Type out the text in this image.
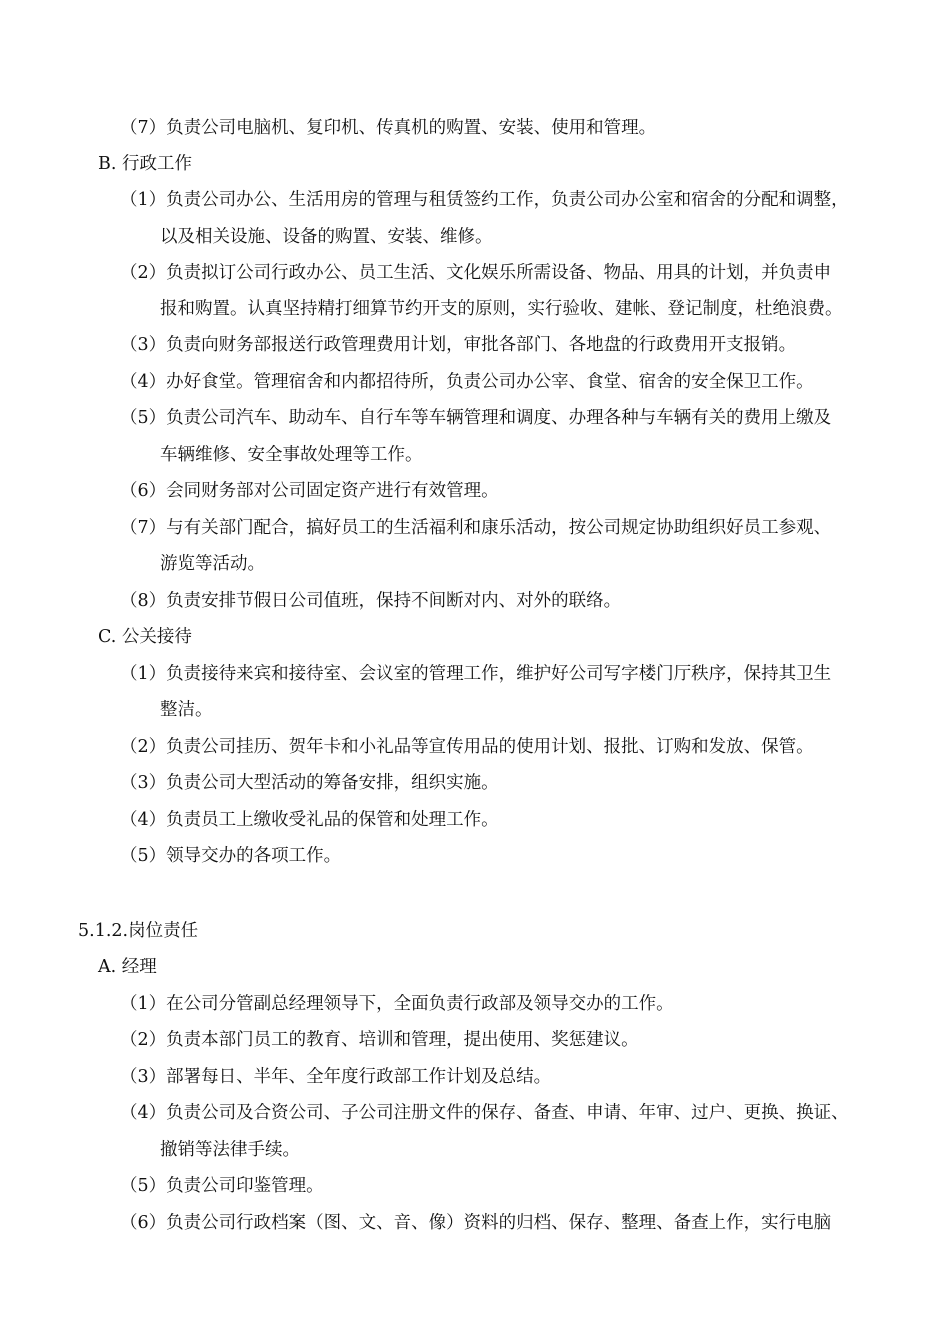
（7）负责公司电脑机、复印机、传真机的购置、安装、使用和管理。
B. 行政工作
（1）负责公司办公、生活用房的管理与租赁签约工作，负责公司办公室和宿舍的分配和调整，
以及相关设施、设备的购置、安装、维修。
（2）负责拟订公司行政办公、员工生活、文化娱乐所需设备、物品、用具的计划，并负责申
报和购置。认真坚持精打细算节约开支的原则，实行验收、建帐、登记制度，杜绝浪费。
（3）负责向财务部报送行政管理费用计划，审批各部门、各地盘的行政费用开支报销。
（4）办好食堂。管理宿舍和内都招待所，负责公司办公宰、食堂、宿舍的安全保卫工作。
（5）负责公司汽车、助动车、自行车等车辆管理和调度、办理各种与车辆有关的费用上缴及
车辆维修、安全事故处理等工作。
（6）会同财务部对公司固定资产进行有效管理。
（7）与有关部门配合，搞好员工的生活福利和康乐活动，按公司规定协助组织好员工参观、
游览等活动。
（8）负责安排节假日公司值班，保持不间断对内、对外的联络。
C. 公关接待
（1）负责接待来宾和接待室、会议室的管理工作，维护好公司写字楼门厅秩序，保持其卫生
整洁。
（2）负责公司挂历、贺年卡和小礼品等宣传用品的使用计划、报批、订购和发放、保管。
（3）负责公司大型活动的筹备安排，组织实施。
（4）负责员工上缴收受礼品的保管和处理工作。
（5）领导交办的各项工作。
5.1.2.岗位责任
A. 经理
（1）在公司分管副总经理领导下，全面负责行政部及领导交办的工作。
（2）负责本部门员工的教育、培训和管理，提出使用、奖惩建议。
（3）部署每日、半年、全年度行政部工作计划及总结。
（4）负责公司及合资公司、子公司注册文件的保存、备查、申请、年审、过户、更换、换证、
撤销等法律手续。
（5）负责公司印鉴管理。
（6）负责公司行政档案（图、文、音、像）资料的归档、保存、整理、备查上作，实行电脑
